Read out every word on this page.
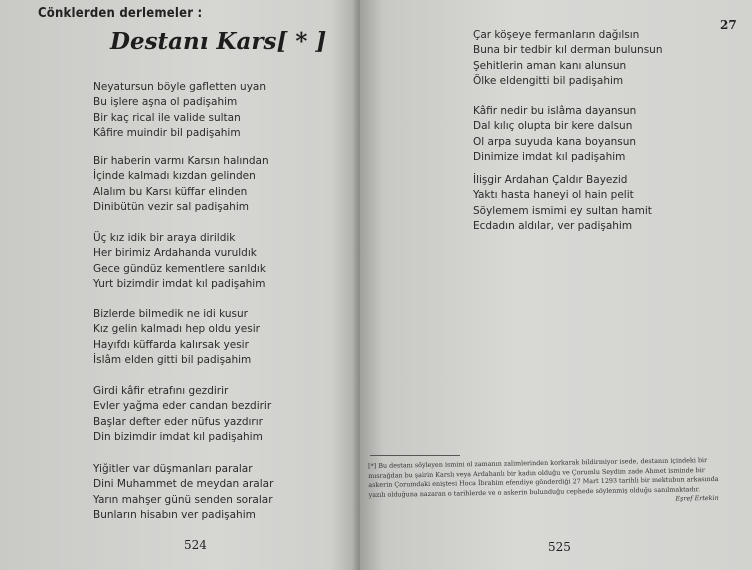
Cönklerden derlemeler :
Destanı Kars[ * ]
Neyatursun böyle gafletten uyan
Bu işlere aşna ol padişahim
Bir kaç rical ile valide sultan
Kâfire muindir bil padişahim
Bir haberin varmı Karsın halından
İçinde kalmadı kızdan gelinden
Alalım bu Karsı küffar elinden
Dinibütün vezir sal padişahim
Üç kız idik bir araya dirildik
Her birimiz Ardahanda vuruldık
Gece gündüz kementlere sarıldık
Yurt bizimdir imdat kıl padişahim
Bizlerde bilmedik ne idi kusur
Kız gelin kalmadı hep oldu yesir
Hayıfdı küffarda kalırsak yesir
İslâm elden gitti bil padişahim
Girdi kâfir etrafını gezdirir
Evler yağma eder candan bezdirir
Başlar defter eder nüfus yazdırır
Din bizimdir imdat kıl padişahim
Yiğitler var düşmanları paralar
Dini Muhammet de meydan aralar
Yarın mahşer günü senden soralar
Bunların hisabın ver padişahim
524
27
Çar köşeye fermanların dağılsın
Buna bir tedbir kıl derman bulunsun
Şehitlerin aman kanı alunsun
Ölke eldengitti bil padişahim
Kâfir nedir bu islâma dayansun
Dal kılıç olupta bir kere dalsun
Ol arpa suyuda kana boyansun
Dinimize imdat kıl padişahim
İlişgir Ardahan Çaldır Bayezid
Yaktı hasta haneyi ol hain pelit
Söylemem ismimi ey sultan hamit
Ecdadın aldılar, ver padişahim
525
[*] Bu destanı söyleyen ismini ol zamanın zalimlerinden korkarak bildirmiyor isede, destanın içindeki bir mısrağdan bu şairin Karslı veya Ardahanlı bir kadın olduğu ve Çorumlu Seydim zade Ahmet isminde bir askerin Çorumdaki eniştesi Hoca İbrahim efendiye gönderdiği 27 Mart 1293 tarihli bir mektubun arkasında yazılı olduğuna nazaran o tarihlerde ve o askerin bulunduğu cephede söylenmiş olduğu sanılmaktadır.
Eşref Ertekin
